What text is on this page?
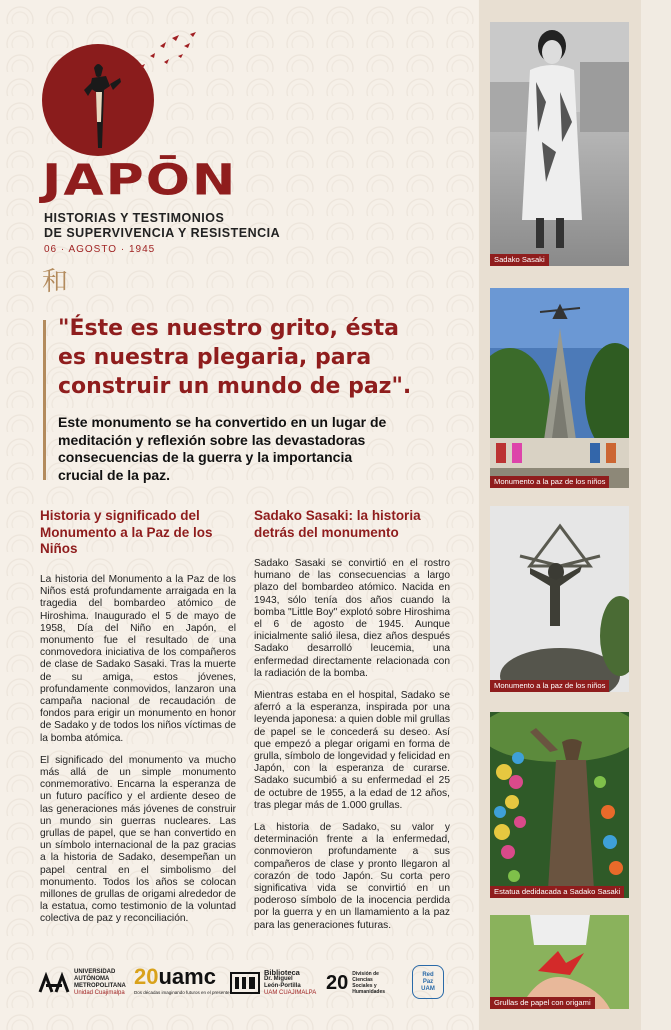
JAPŌN
HISTORIAS Y TESTIMONIOS
DE SUPERVIVENCIA Y RESISTENCIA
06 · AGOSTO · 1945
和
"Éste es nuestro grito, ésta es nuestra plegaria, para construir un mundo de paz".
Este monumento se ha convertido en un lugar de meditación y reflexión sobre las devastadoras consecuencias de la guerra y la importancia crucial de la paz.
Historia y significado del Monumento a la Paz de los Niños

La historia del Monumento a la Paz de los Niños está profundamente arraigada en la tragedia del bombardeo atómico de Hiroshima. Inaugurado el 5 de mayo de 1958, Día del Niño en Japón, el monumento fue el resultado de una conmovedora iniciativa de los compañeros de clase de Sadako Sasaki. Tras la muerte de su amiga, estos jóvenes, profundamente conmovidos, lanzaron una campaña nacional de recaudación de fondos para erigir un monumento en honor de Sadako y de todos los niños víctimas de la bomba atómica.

El significado del monumento va mucho más allá de un simple monumento conmemorativo. Encarna la esperanza de un futuro pacífico y el ardiente deseo de las generaciones más jóvenes de construir un mundo sin guerras nucleares. Las grullas de papel, que se han convertido en un símbolo internacional de la paz gracias a la historia de Sadako, desempeñan un papel central en el simbolismo del monumento. Todos los años se colocan millones de grullas de origami alrededor de la estatua, como testimonio de la voluntad colectiva de paz y reconciliación.

Sadako Sasaki: la historia detrás del monumento

Sadako Sasaki se convirtió en el rostro humano de las consecuencias a largo plazo del bombardeo atómico. Nacida en 1943, sólo tenía dos años cuando la bomba "Little Boy" explotó sobre Hiroshima el 6 de agosto de 1945. Aunque inicialmente salió ilesa, diez años después Sadako desarrolló leucemia, una enfermedad directamente relacionada con la radiación de la bomba.

Mientras estaba en el hospital, Sadako se aferró a la esperanza, inspirada por una leyenda japonesa: a quien doble mil grullas de papel se le concederá su deseo. Así que empezó a plegar origami en forma de grulla, símbolo de longevidad y felicidad en Japón, con la esperanza de curarse. Sadako sucumbió a su enfermedad el 25 de octubre de 1955, a la edad de 12 años, tras plegar más de 1.000 grullas.

La historia de Sadako, su valor y determinación frente a la enfermedad, conmovieron profundamente a sus compañeros de clase y pronto llegaron al corazón de todo Japón. Su corta pero significativa vida se convirtió en un poderoso símbolo de la inocencia perdida por la guerra y en un llamamiento a la paz para las generaciones futuras.

Sadako Sasaki
Monumento a la paz de los niños
Monumento a la paz de los niños
Estatua dedidacada a Sadako Sasaki
Grullas de papel con origami
UNIVERSIDAD
AUTÓNOMA
METROPOLITANA
Unidad Cuajimalpa
20uamc
Dos décadas imaginando futuros en el presente
Biblioteca
Dr. Miguel
León-Portilla
UAM CUAJIMALPA 20 División de
Ciencias
Sociales y
Humanidades
Red
Paz
UAM
